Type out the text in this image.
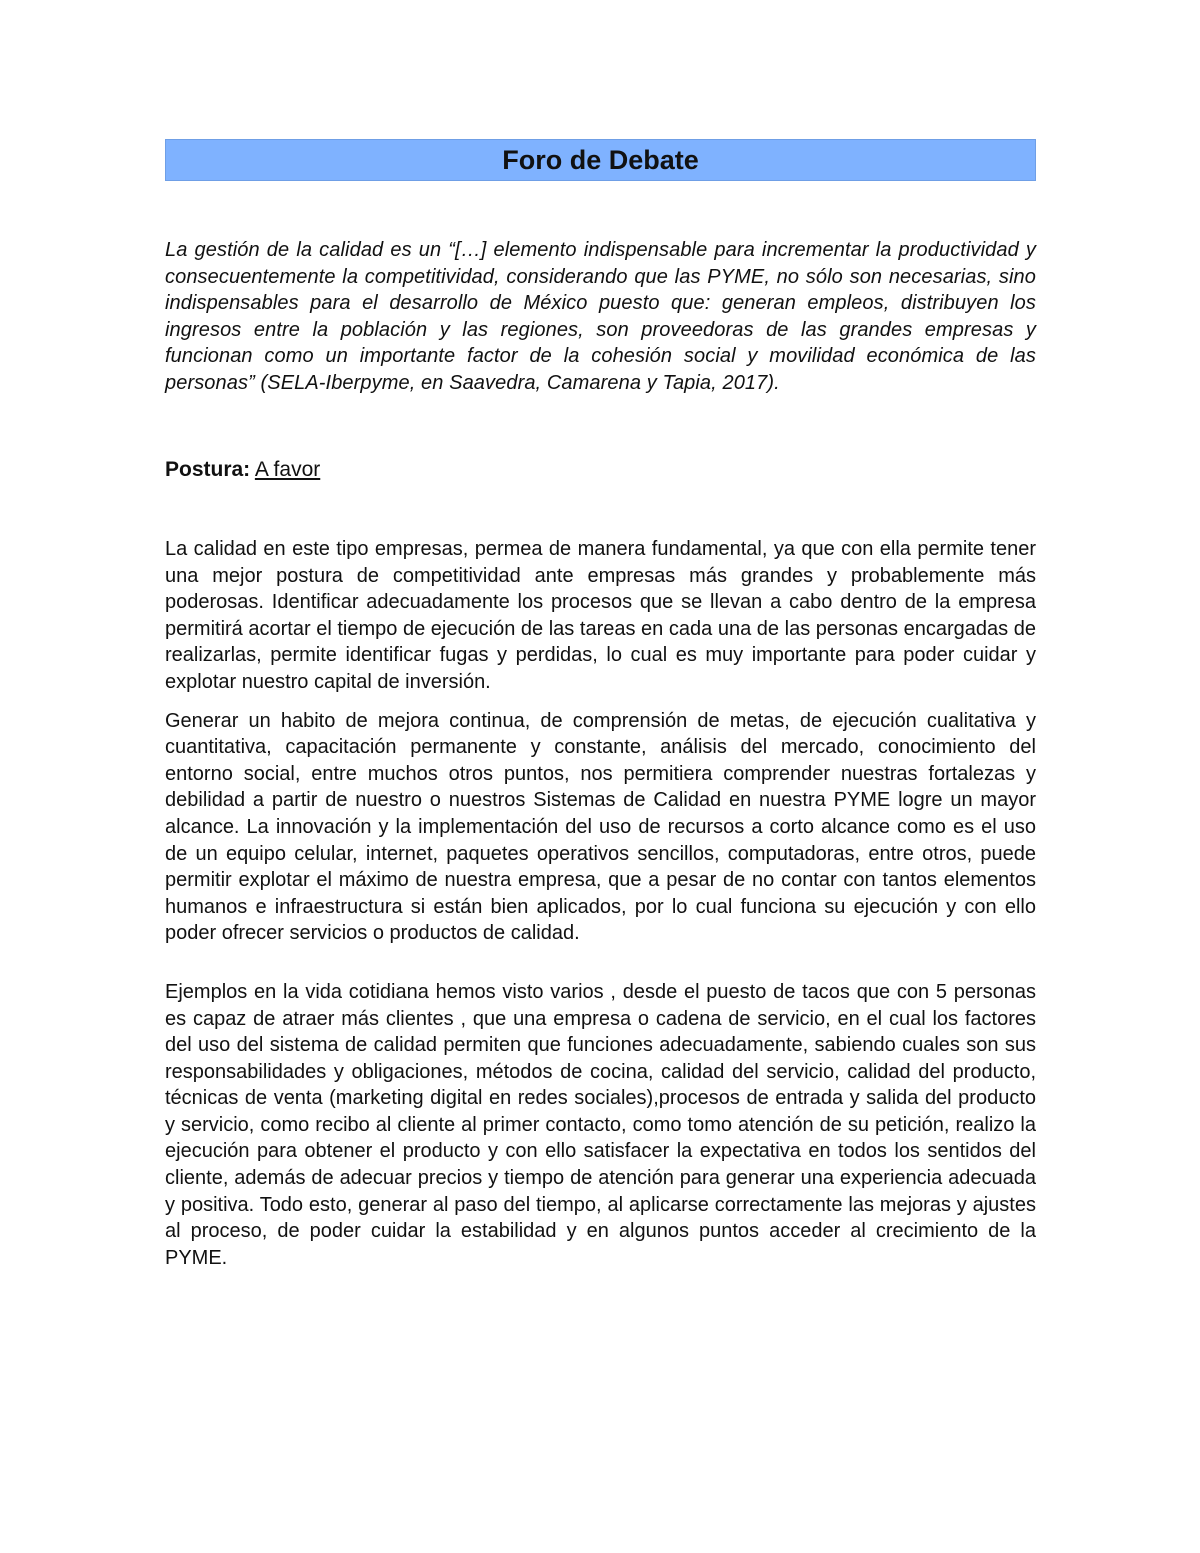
Foro de Debate
La gestión de la calidad es un “[…] elemento indispensable para incrementar la productividad y consecuentemente la competitividad, considerando que las PYME, no sólo son necesarias, sino indispensables para el desarrollo de México puesto que: generan empleos, distribuyen los ingresos entre la población y las regiones, son proveedoras de las grandes empresas y funcionan como un importante factor de la cohesión social y movilidad económica de las personas” (SELA-Iberpyme, en Saavedra, Camarena y Tapia, 2017).
Postura: A favor

La calidad en este tipo empresas, permea de manera fundamental, ya que con ella permite tener una mejor postura de competitividad ante empresas más grandes y probablemente más poderosas. Identificar adecuadamente los procesos que se llevan a cabo dentro de la empresa permitirá acortar el tiempo de ejecución de las tareas en cada una de las personas encargadas de realizarlas, permite identificar fugas y perdidas, lo cual es muy importante para poder cuidar y explotar nuestro capital de inversión.

Generar un habito de mejora continua, de comprensión de metas, de ejecución cualitativa y cuantitativa, capacitación permanente y constante, análisis del mercado, conocimiento del entorno social, entre muchos otros puntos, nos permitiera comprender nuestras fortalezas y debilidad a partir de nuestro o nuestros Sistemas de Calidad en nuestra PYME logre un mayor alcance. La innovación y la implementación del uso de recursos a corto alcance como es el uso de un equipo celular, internet, paquetes operativos sencillos, computadoras, entre otros, puede permitir explotar el máximo de nuestra empresa, que a pesar de no contar con tantos elementos humanos e infraestructura si están bien aplicados, por lo cual funciona su ejecución y con ello poder ofrecer servicios o productos de calidad.

Ejemplos en la vida cotidiana hemos visto varios , desde el puesto de tacos que con 5 personas es capaz de atraer más clientes , que una empresa o cadena de servicio, en el cual los factores del uso del sistema de calidad permiten que funciones adecuadamente, sabiendo cuales son sus responsabilidades y obligaciones, métodos de cocina, calidad del servicio, calidad del producto, técnicas de venta (marketing digital en redes sociales),procesos de entrada y salida del producto y servicio, como recibo al cliente al primer contacto, como tomo atención de su petición, realizo la ejecución para obtener el producto y con ello satisfacer la expectativa en todos los sentidos del cliente, además de adecuar precios y tiempo de atención para generar una experiencia adecuada y positiva. Todo esto, generar al paso del tiempo, al aplicarse correctamente las mejoras y ajustes al proceso, de poder cuidar la estabilidad y en algunos puntos acceder al crecimiento de la PYME.
